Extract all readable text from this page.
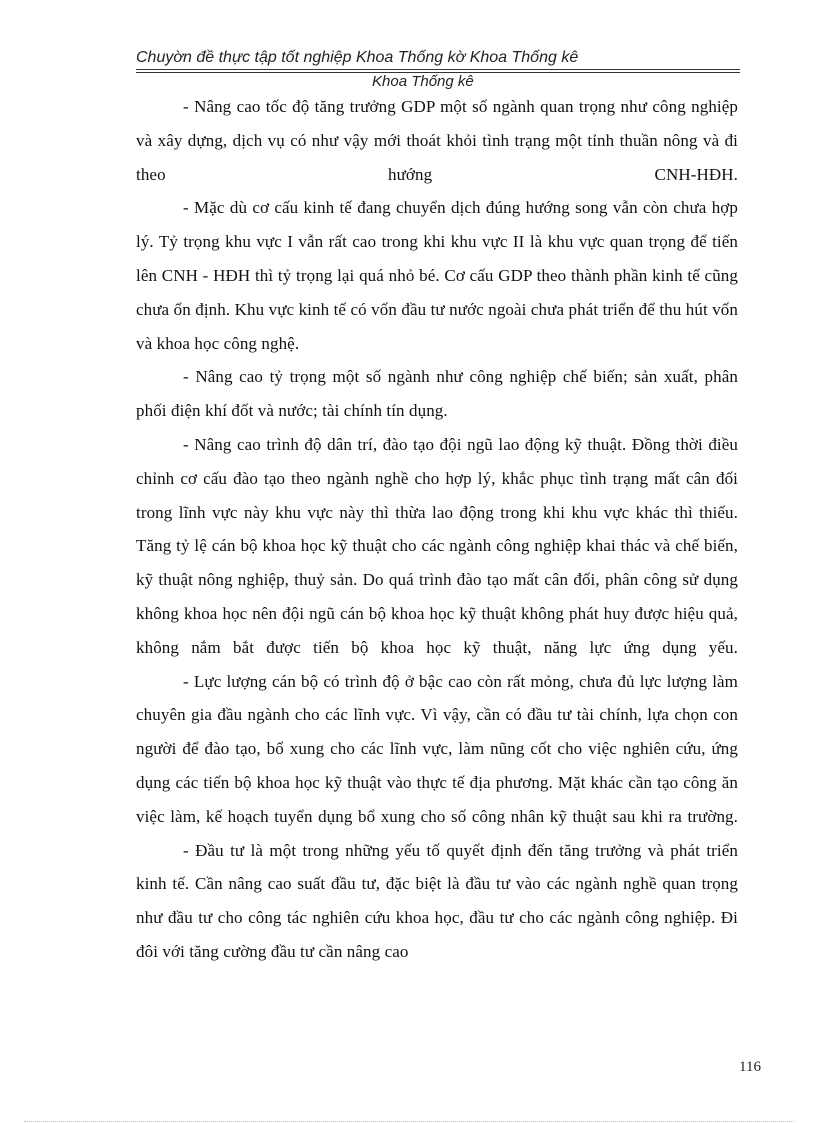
Chuyờn đề thực tập tốt nghiệp Khoa Thống kờ Khoa Thống kê
Khoa Thống kê

- Nâng cao tốc độ tăng trưởng GDP một số ngành quan trọng như công nghiệp và xây dựng, dịch vụ có như vậy mới thoát khỏi tình trạng một tỉnh thuần nông và đi theo hướng CNH-HĐH.

- Mặc dù cơ cấu kinh tế đang chuyển dịch đúng hướng song vẫn còn chưa hợp lý. Tỷ trọng khu vực I vẫn rất cao trong khi khu vực II là khu vực quan trọng để tiến lên CNH - HĐH thì tỷ trọng lại quá nhỏ bé. Cơ cấu GDP theo thành phần kinh tế cũng chưa ổn định. Khu vực kinh tế có vốn đầu tư nước ngoài chưa phát triển để thu hút vốn và khoa học công nghệ.

- Nâng cao tỷ trọng một số ngành như công nghiệp chế biến; sản xuất, phân phối điện khí đốt và nước; tài chính tín dụng.

- Nâng cao trình độ dân trí, đào tạo đội ngũ lao động kỹ thuật. Đồng thời điều chỉnh cơ cấu đào tạo theo ngành nghề cho hợp lý, khắc phục tình trạng mất cân đối trong lĩnh vực này khu vực này thì thừa lao động trong khi khu vực khác thì thiếu. Tăng tỷ lệ cán bộ khoa học kỹ thuật cho các ngành công nghiệp khai thác và chế biến, kỹ thuật nông nghiệp, thuỷ sản. Do quá trình đào tạo mất cân đối, phân công sử dụng không khoa học nên đội ngũ cán bộ khoa học kỹ thuật không phát huy được hiệu quả, không nắm bắt được tiến bộ khoa học kỹ thuật, năng lực ứng dụng yếu.

- Lực lượng cán bộ có trình độ ở bậc cao còn rất mỏng, chưa đủ lực lượng làm chuyên gia đầu ngành cho các lĩnh vực. Vì vậy, cần có đầu tư tài chính, lựa chọn con người để đào tạo, bổ xung cho các lĩnh vực, làm nũng cốt cho việc nghiên cứu, ứng dụng các tiến bộ khoa học kỹ thuật vào thực tế địa phương. Mặt khác cần tạo công ăn việc làm, kế hoạch tuyển dụng bổ xung cho số công nhân kỹ thuật sau khi ra trường.

- Đầu tư là một trong những yếu tố quyết định đến tăng trưởng và phát triển kinh tế. Cần nâng cao suất đầu tư, đặc biệt là đầu tư vào các ngành nghề quan trọng như đầu tư cho công tác nghiên cứu khoa học, đầu tư cho các ngành công nghiệp. Đi đôi với tăng cường đầu tư cần nâng cao

116
